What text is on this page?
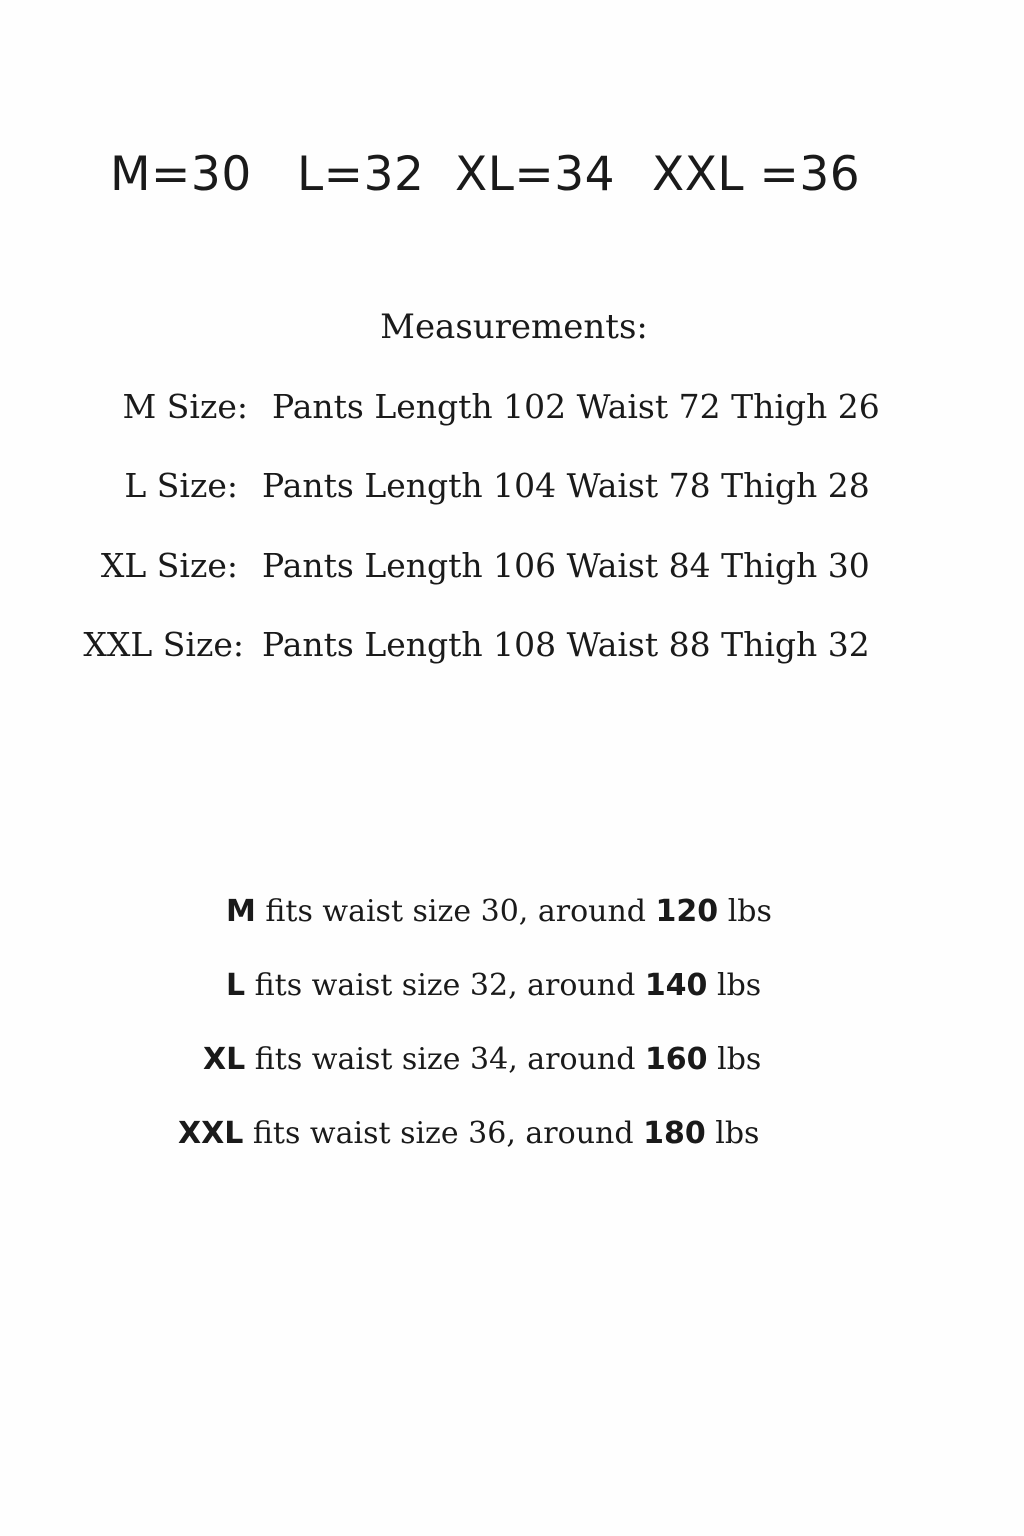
M=30 L=32 XL=34 XXL =36
Measurements:
M Size: Pants Length 102 Waist 72 Thigh 26
L Size: Pants Length 104 Waist 78 Thigh 28
XL Size: Pants Length 106 Waist 84 Thigh 30
XXL Size: Pants Length 108 Waist 88 Thigh 32
M fits waist size 30, around 120 lbs
L fits waist size 32, around 140 lbs
XL fits waist size 34, around 160 lbs
XXL fits waist size 36, around 180 lbs
